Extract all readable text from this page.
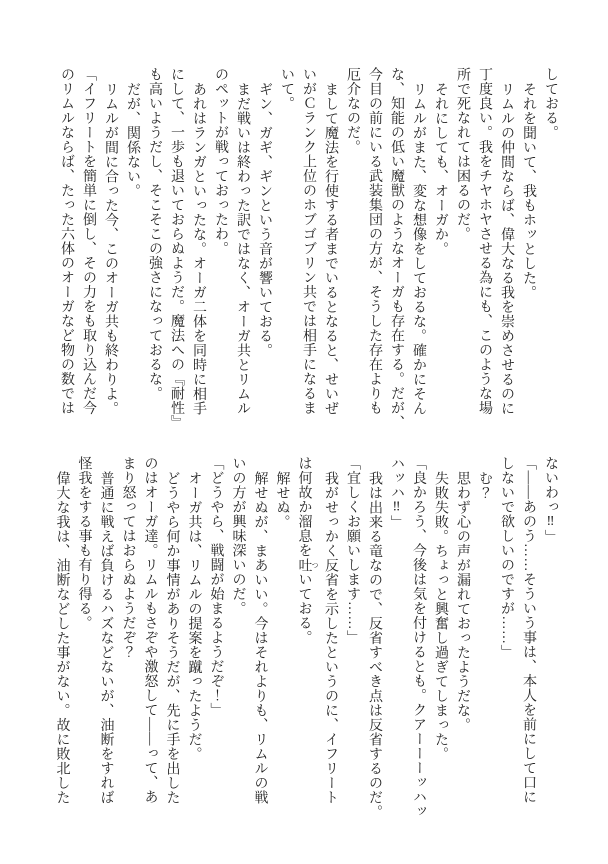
しておる。
それを聞いて、我もホッとした。
リムルの仲間ならば、偉大なる我を崇めさせるのに
丁度良い。我をチヤホヤさせる為にも、このような場
所で死なれては困るのだ。
それにしても、オーガか。
リムルがまた、変な想像をしておるな。確かにそん
な、知能の低い魔獣のようなオーガも存在する。だが、
今目の前にいる武装集団の方が、そうした存在よりも
厄介なのだ。
まして魔法を行使する者までいるとなると、せいぜ
いがＣランク上位のホブゴブリン共では相手になるま
いて。
ギン、ガギ、ギンという音が響いておる。
まだ戦いは終わった訳ではなく、オーガ共とリムル
のペットが戦っておったわ。
あれはランガといったな。オーガ二体を同時に相手
にして、一歩も退いておらぬようだ。魔法への『耐性』
も高いようだし、そこそこの強さになっておるな。
だが、関係ない。
リムルが間に合った今、このオーガ共も終わりよ。
「イフリートを簡単に倒し、その力をも取り込んだ今
のリムルならば、たった六体のオーガなど物の数では
ないわっ‼」
「――あのう……そういう事は、本人を前にして口に
しないで欲しいのですが……」
む？
思わず心の声が漏れておったようだな。
失敗失敗。ちょっと興奮し過ぎてしまった。
「良かろう、今後は気を付けるとも。クアーーーッハッ
ハッハ‼」
我は出来る竜なので、反省すべき点は反省するのだ。
「宜しくお願いします……」
我がせっかく反省を示したというのに、イフリート
は何故か溜息を吐 ついておる。
解せぬ。
解せぬが、まあいい。今はそれよりも、リムルの戦
いの方が興味深いのだ。
「どうやら、戦闘が始まるようだぞ！」
オーガ共は、リムルの提案を蹴ったようだ。
どうやら何か事情がありそうだが、先に手を出した
のはオーガ達。リムルもさぞや激怒して――って、あ
まり怒ってはおらぬようだぞ？
普通に戦えば負けるハズなどないが、油断をすれば
怪我をする事も有り得る。
偉大な我は、油断などした事がない。故に敗北した
